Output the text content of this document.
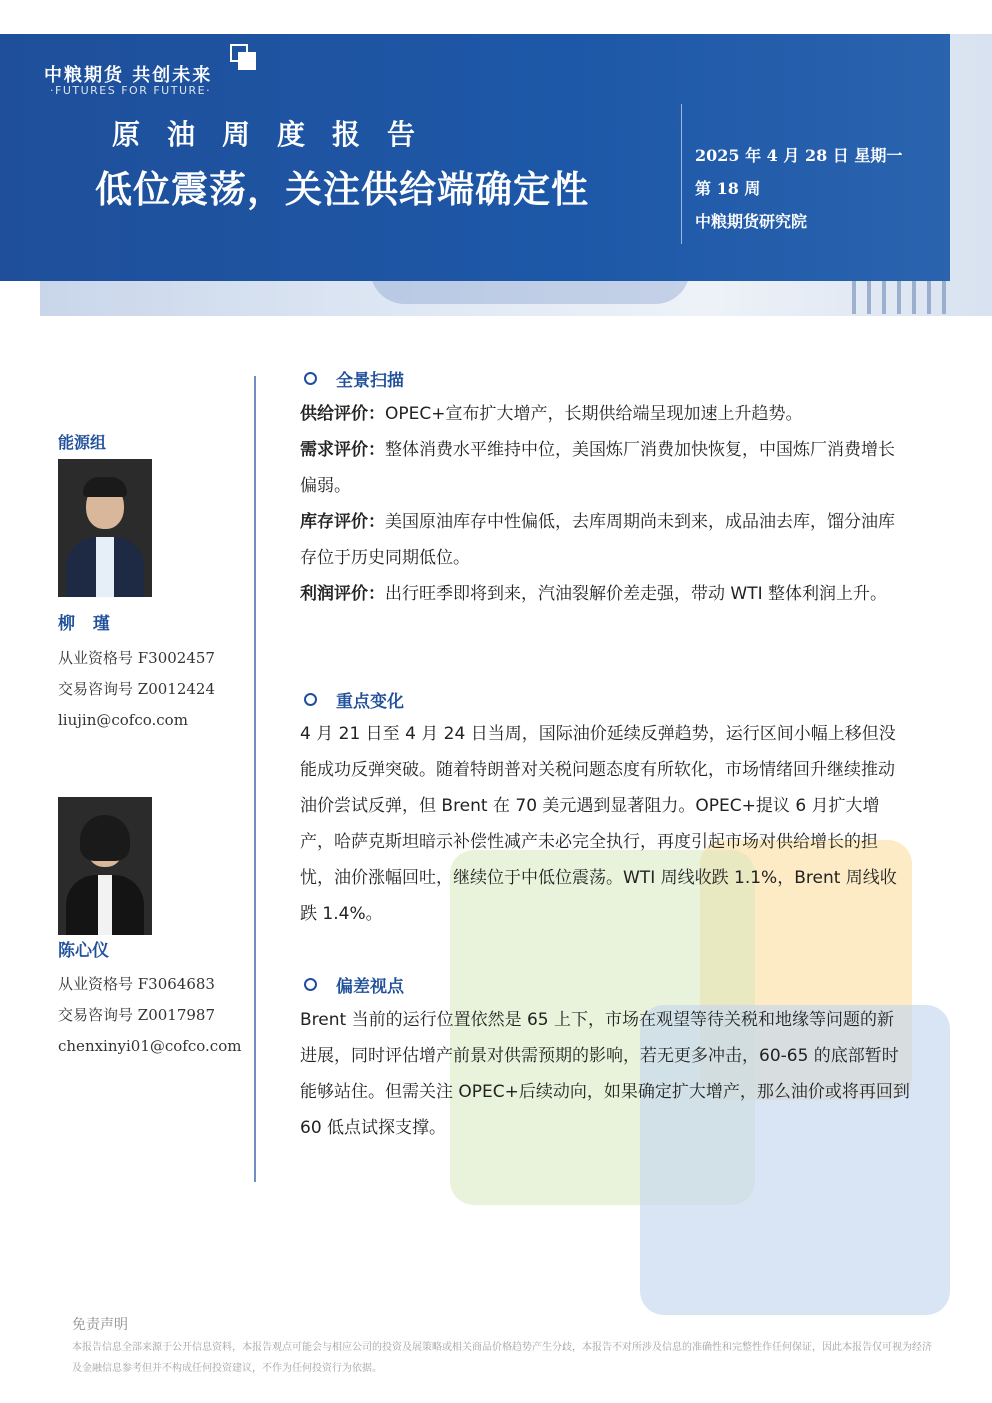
中粮期货 共创未来
·FUTURES FOR FUTURE·
原油周度报告
低位震荡，关注供给端确定性
2025 年 4 月 28 日 星期一
第 18 周
中粮期货研究院
能源组
柳 瑾
从业资格号 F3002457
交易咨询号 Z0012424
liujin@cofco.com
陈心仪
从业资格号 F3064683
交易咨询号 Z0017987
chenxinyi01@cofco.com
全景扫描
供给评价：OPEC+宣布扩大增产，长期供给端呈现加速上升趋势。
需求评价：整体消费水平维持中位，美国炼厂消费加快恢复，中国炼厂消费增长偏弱。
库存评价：美国原油库存中性偏低，去库周期尚未到来，成品油去库，馏分油库存位于历史同期低位。
利润评价：出行旺季即将到来，汽油裂解价差走强，带动 WTI 整体利润上升。
重点变化
4 月 21 日至 4 月 24 日当周，国际油价延续反弹趋势，运行区间小幅上移但没能成功反弹突破。随着特朗普对关税问题态度有所软化，市场情绪回升继续推动油价尝试反弹，但 Brent 在 70 美元遇到显著阻力。OPEC+提议 6 月扩大增产，哈萨克斯坦暗示补偿性减产未必完全执行，再度引起市场对供给增长的担忧，油价涨幅回吐，继续位于中低位震荡。WTI 周线收跌 1.1%，Brent 周线收跌 1.4%。
偏差视点
Brent 当前的运行位置依然是 65 上下，市场在观望等待关税和地缘等问题的新进展，同时评估增产前景对供需预期的影响，若无更多冲击，60-65 的底部暂时能够站住。但需关注 OPEC+后续动向，如果确定扩大增产，那么油价或将再回到 60 低点试探支撑。
免责声明
本报告信息全部来源于公开信息资料，本报告观点可能会与相应公司的投资及展策略或相关商品价格趋势产生分歧，本报告不对所涉及信息的准确性和完整性作任何保证，因此本报告仅可视为经济及金融信息参考但并不构成任何投资建议，不作为任何投资行为依据。
